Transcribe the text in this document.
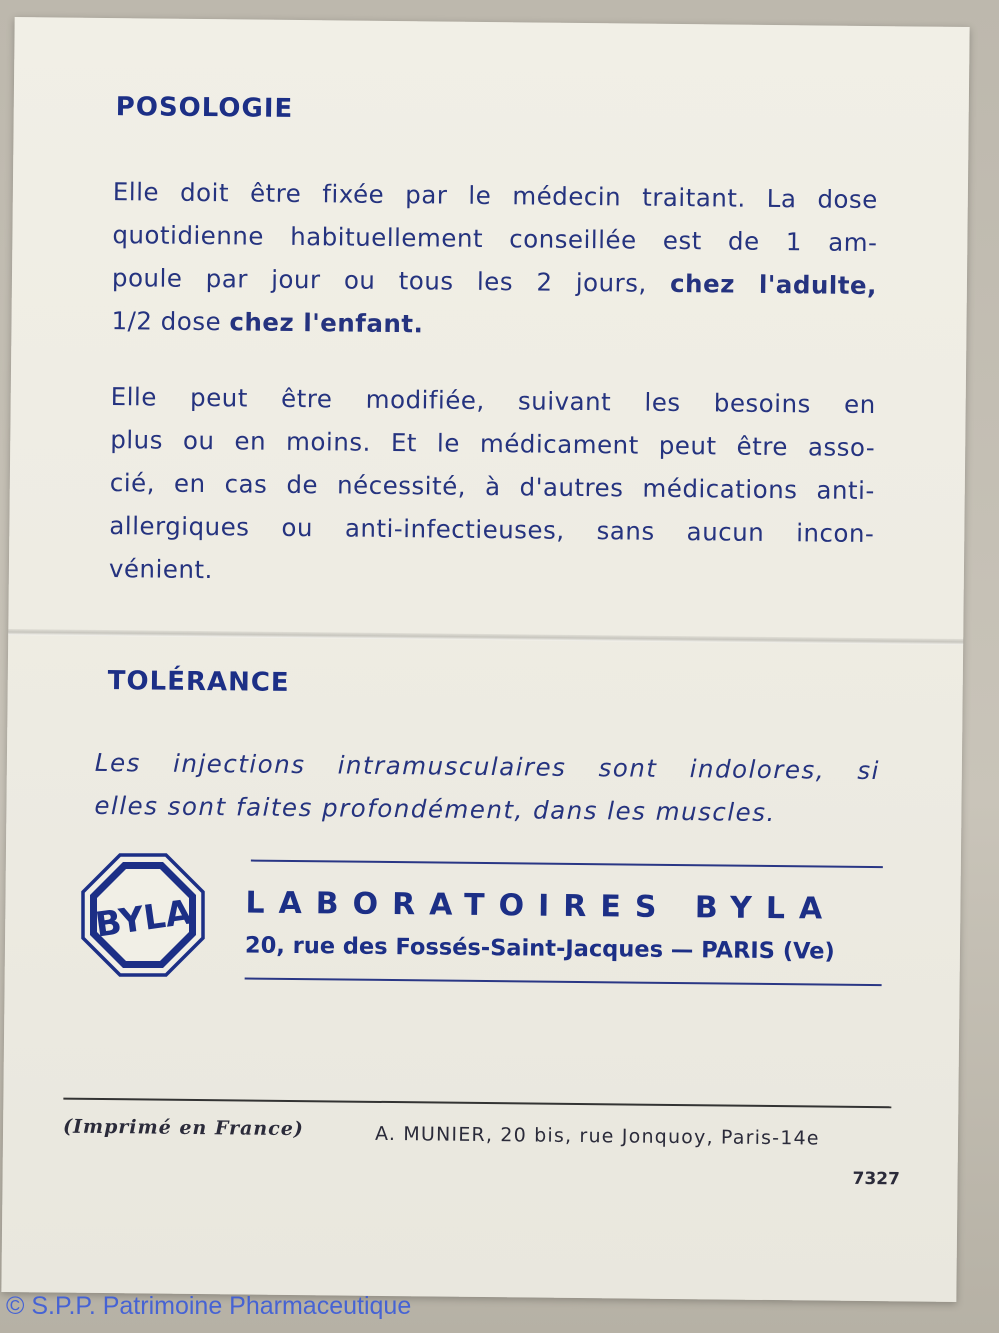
POSOLOGIE
Elle doit être fixée par le médecin traitant. La dose
quotidienne habituellement conseillée est de 1 am-
poule par jour ou tous les 2 jours, chez l'adulte,
1/2 dose chez l'enfant.
Elle peut être modifiée, suivant les besoins en
plus ou en moins. Et le médicament peut être asso-
cié, en cas de nécessité, à d'autres médications anti-
allergiques ou anti-infectieuses, sans aucun incon-
vénient.
TOLÉRANCE
Les injections intramusculaires sont indolores, si
elles sont faites profondément, dans les muscles.
LABORATOIRES BYLA
20, rue des Fossés-Saint-Jacques — PARIS (Ve)
(Imprimé en France)	A. MUNIER, 20 bis, rue Jonquoy, Paris-14e
7327
BYLA
© S.P.P. Patrimoine Pharmaceutique
